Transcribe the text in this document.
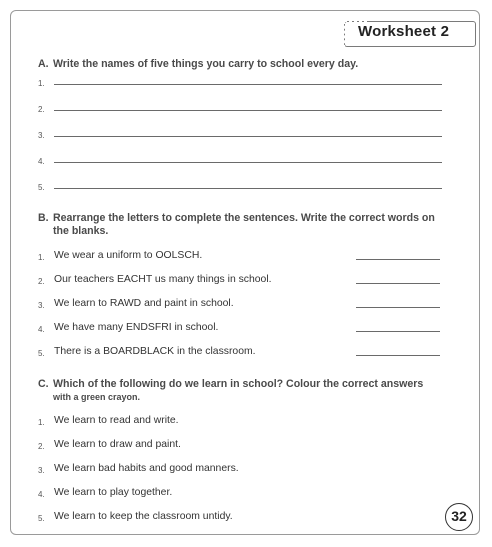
Worksheet 2
A. Write the names of five things you carry to school every day.
1.
2.
3.
4.
5.
B. Rearrange the letters to complete the sentences. Write the correct words on
the blanks.
1. We wear a uniform to OOLSCH.
2. Our teachers EACHT us many things in school.
3. We learn to RAWD and paint in school.
4. We have many ENDSFRI in school.
5. There is a BOARDBLACK in the classroom.
C. Which of the following do we learn in school? Colour the correct answers
with a green crayon.
1. We learn to read and write.
2. We learn to draw and paint.
3. We learn bad habits and good manners.
4. We learn to play together.
5. We learn to keep the classroom untidy.	32
